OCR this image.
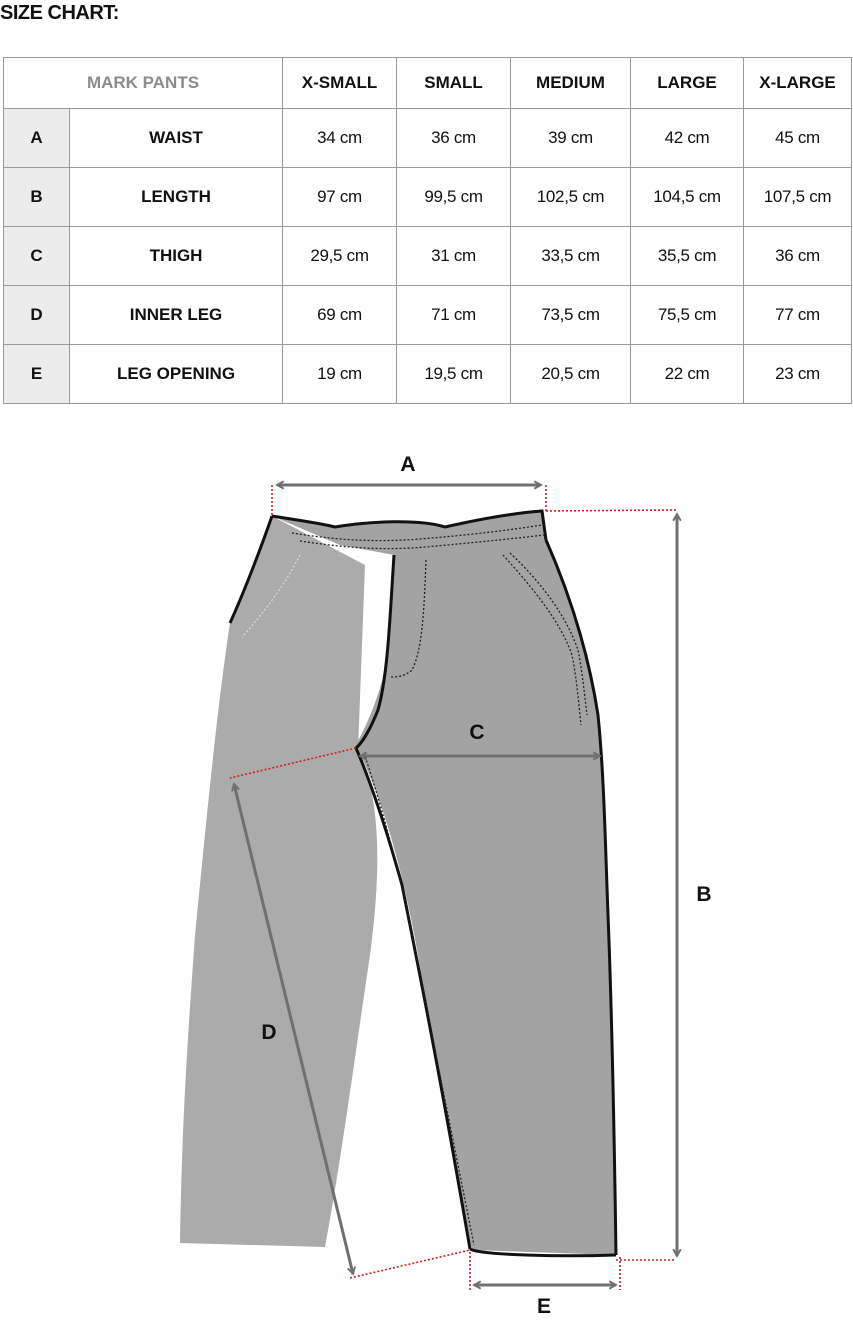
SIZE CHART:
MARK PANTS		X-SMALL	SMALL	MEDIUM	LARGE	X-LARGE
A	WAIST	34 cm	36 cm	39 cm	42 cm	45 cm
B	LENGTH	97 cm	99,5 cm	102,5 cm	104,5 cm	107,5 cm
C	THIGH	29,5 cm	31 cm	33,5 cm	35,5 cm	36 cm
D	INNER LEG	69 cm	71 cm	73,5 cm	75,5 cm	77 cm
E	LEG OPENING	19 cm	19,5 cm	20,5 cm	22 cm	23 cm
A
B
C
D
E
